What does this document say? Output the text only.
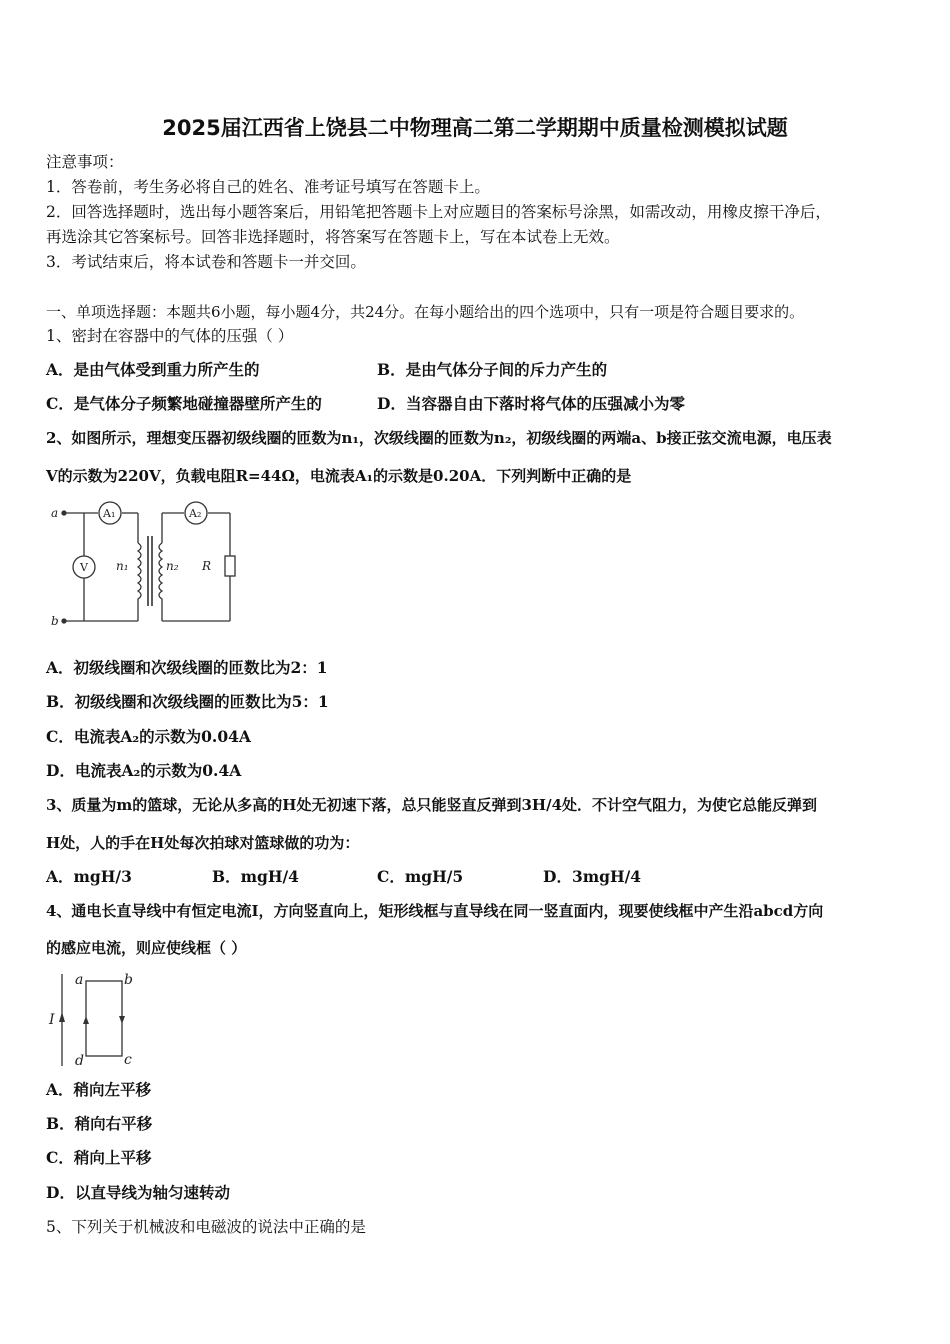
2025届江西省上饶县二中物理高二第二学期期中质量检测模拟试题
注意事项：
1．答卷前，考生务必将自己的姓名、准考证号填写在答题卡上。
2．回答选择题时，选出每小题答案后，用铅笔把答题卡上对应题目的答案标号涂黑，如需改动，用橡皮擦干净后，
再选涂其它答案标号。回答非选择题时，将答案写在答题卡上，写在本试卷上无效。
3．考试结束后，将本试卷和答题卡一并交回。
一、单项选择题：本题共6小题，每小题4分，共24分。在每小题给出的四个选项中，只有一项是符合题目要求的。
1、密封在容器中的气体的压强（ ）
A．是由气体受到重力所产生的	B．是由气体分子间的斥力产生的
C．是气体分子频繁地碰撞器壁所产生的	D．当容器自由下落时将气体的压强减小为零
2、如图所示，理想变压器初级线圈的匝数为n₁，次级线圈的匝数为n₂，初级线圈的两端a、b接正弦交流电源，电压表
V的示数为220V，负载电阻R=44Ω，电流表A₁的示数是0.20A．下列判断中正确的是
a
b
A₁	A₂
V n₁	n₂ R
A．初级线圈和次级线圈的匝数比为2：1
B．初级线圈和次级线圈的匝数比为5：1
C．电流表A₂的示数为0.04A
D．电流表A₂的示数为0.4A
3、质量为m的篮球，无论从多高的H处无初速下落，总只能竖直反弹到3H/4处．不计空气阻力，为使它总能反弹到
H处，人的手在H处每次拍球对篮球做的功为：
A．mgH/3	B．mgH/4	C．mgH/5	D．3mgH/4
4、通电长直导线中有恒定电流I，方向竖直向上，矩形线框与直导线在同一竖直面内，现要使线框中产生沿abcd方向
的感应电流，则应使线框（ ）
I
a	b
c
d
A．稍向左平移
B．稍向右平移
C．稍向上平移
D．以直导线为轴匀速转动
5、下列关于机械波和电磁波的说法中正确的是
